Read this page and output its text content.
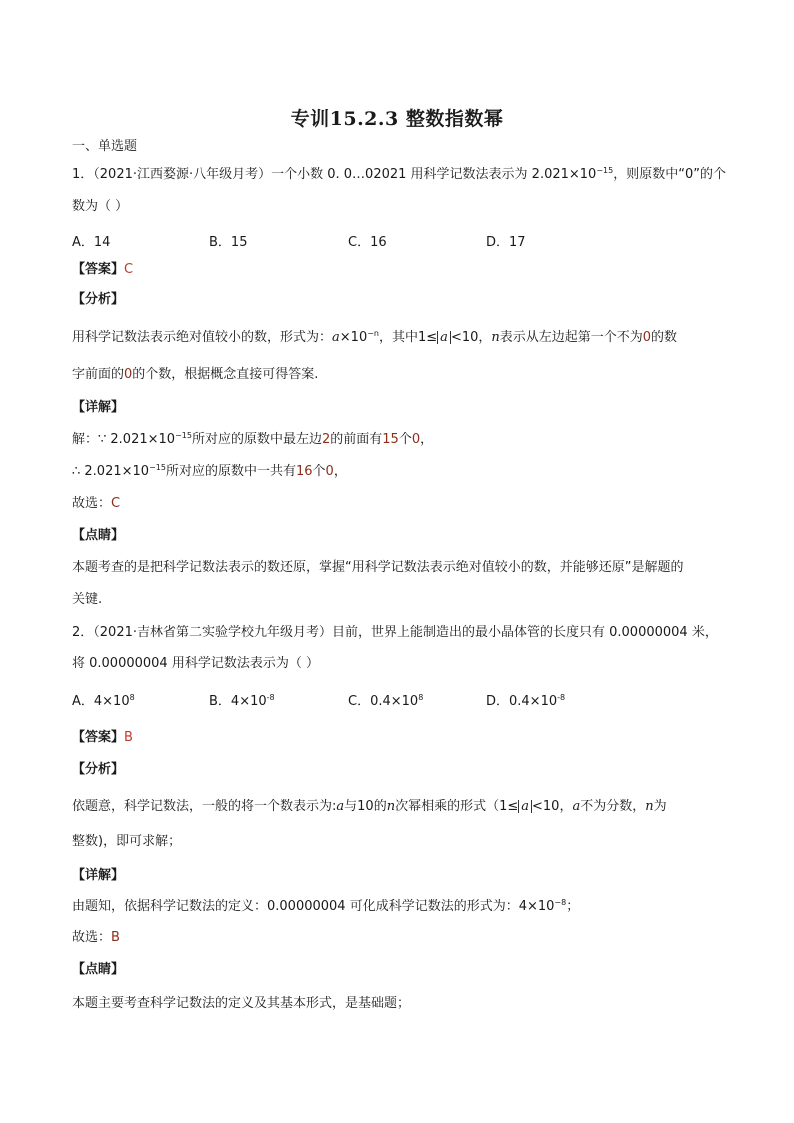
专训15.2.3 整数指数幂
一、单选题
1．（2021·江西婺源·八年级月考）一个小数 0. 0…02021 用科学记数法表示为 $2.021\times 10^{-15}$，则原数中“0”的个
数为（ ）
A．14	B．15	C．16	D．17
【答案】C
【分析】
用科学记数法表示绝对值较小的数，形式为：$a\times 10^{-n}$，其中1≤ a <10，n表示从左边起第一个不为0的数
字前面的0的个数，根据概念直接可得答案.
【详解】
解：∵ $2.021\times 10^{-15}$所对应的原数中最左边2的前面有15个0，
∴ $2.021\times 10^{-15}$所对应的原数中一共有16个0，
故选：C
【点睛】
本题考查的是把科学记数法表示的数还原，掌握“用科学记数法表示绝对值较小的数，并能够还原”是解题的
关键.
2．（2021·吉林省第二实验学校九年级月考）目前，世界上能制造出的最小晶体管的长度只有 0.00000004 米，
将 0.00000004 用科学记数法表示为（ ）
A．$4\times 10^8$	B．$4\times 10^{-8}$	C．$0.4\times 10^8$	D．$0.4\times 10^{-8}$
【答案】B
【分析】
依题意，科学记数法，一般的将一个数表示为:a与10的n次幂相乘的形式（1≤ a <10，a不为分数，n为
整数)，即可求解；
【详解】
由题知，依据科学记数法的定义：0.00000004 可化成科学记数法的形式为：$4\times 10^{-8}$；
故选：B
【点睛】
本题主要考查科学记数法的定义及其基本形式，是基础题；
